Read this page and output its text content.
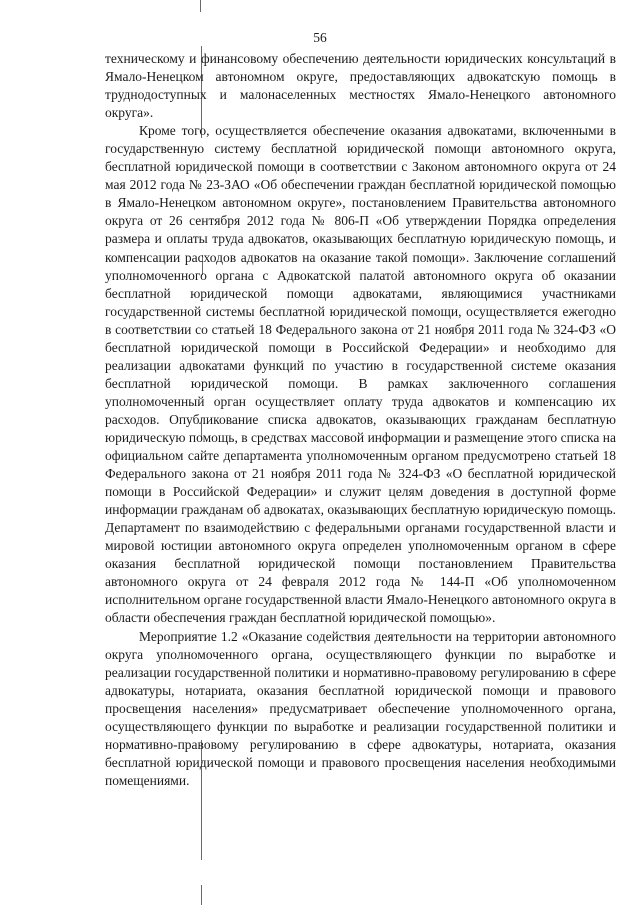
56

техническому и финансовому обеспечению деятельности юридических консультаций в Ямало-Ненецком автономном округе, предоставляющих адвокатскую помощь в труднодоступных и малонаселенных местностях Ямало-Ненецкого автономного округа».

Кроме того, осуществляется обеспечение оказания адвокатами, включенными в государственную систему бесплатной юридической помощи автономного округа, бесплатной юридической помощи в соответствии с Законом автономного округа от 24 мая 2012 года № 23-ЗАО «Об обеспечении граждан бесплатной юридической помощью в Ямало-Ненецком автономном округе», постановлением Правительства автономного округа от 26 сентября 2012 года № 806-П «Об утверждении Порядка определения размера и оплаты труда адвокатов, оказывающих бесплатную юридическую помощь, и компенсации расходов адвокатов на оказание такой помощи». Заключение соглашений уполномоченного органа с Адвокатской палатой автономного округа об оказании бесплатной юридической помощи адвокатами, являющимися участниками государственной системы бесплатной юридической помощи, осуществляется ежегодно в соответствии со статьей 18 Федерального закона от 21 ноября 2011 года № 324-ФЗ «О бесплатной юридической помощи в Российской Федерации» и необходимо для реализации адвокатами функций по участию в государственной системе оказания бесплатной юридической помощи. В рамках заключенного соглашения уполномоченный орган осуществляет оплату труда адвокатов и компенсацию их расходов. Опубликование списка адвокатов, оказывающих гражданам бесплатную юридическую помощь, в средствах массовой информации и размещение этого списка на официальном сайте департамента уполномоченным органом предусмотрено статьей 18 Федерального закона от 21 ноября 2011 года № 324-ФЗ «О бесплатной юридической помощи в Российской Федерации» и служит целям доведения в доступной форме информации гражданам об адвокатах, оказывающих бесплатную юридическую помощь. Департамент по взаимодействию с федеральными органами государственной власти и мировой юстиции автономного округа определен уполномоченным органом в сфере оказания бесплатной юридической помощи постановлением Правительства автономного округа от 24 февраля 2012 года № 144-П «Об уполномоченном исполнительном органе государственной власти Ямало-Ненецкого автономного округа в области обеспечения граждан бесплатной юридической помощью».

Мероприятие 1.2 «Оказание содействия деятельности на территории автономного округа уполномоченного органа, осуществляющего функции по выработке и реализации государственной политики и нормативно-правовому регулированию в сфере адвокатуры, нотариата, оказания бесплатной юридической помощи и правового просвещения населения» предусматривает обеспечение уполномоченного органа, осуществляющего функции по выработке и реализации государственной политики и нормативно-правовому регулированию в сфере адвокатуры, нотариата, оказания бесплатной юридической помощи и правового просвещения населения необходимыми помещениями.
